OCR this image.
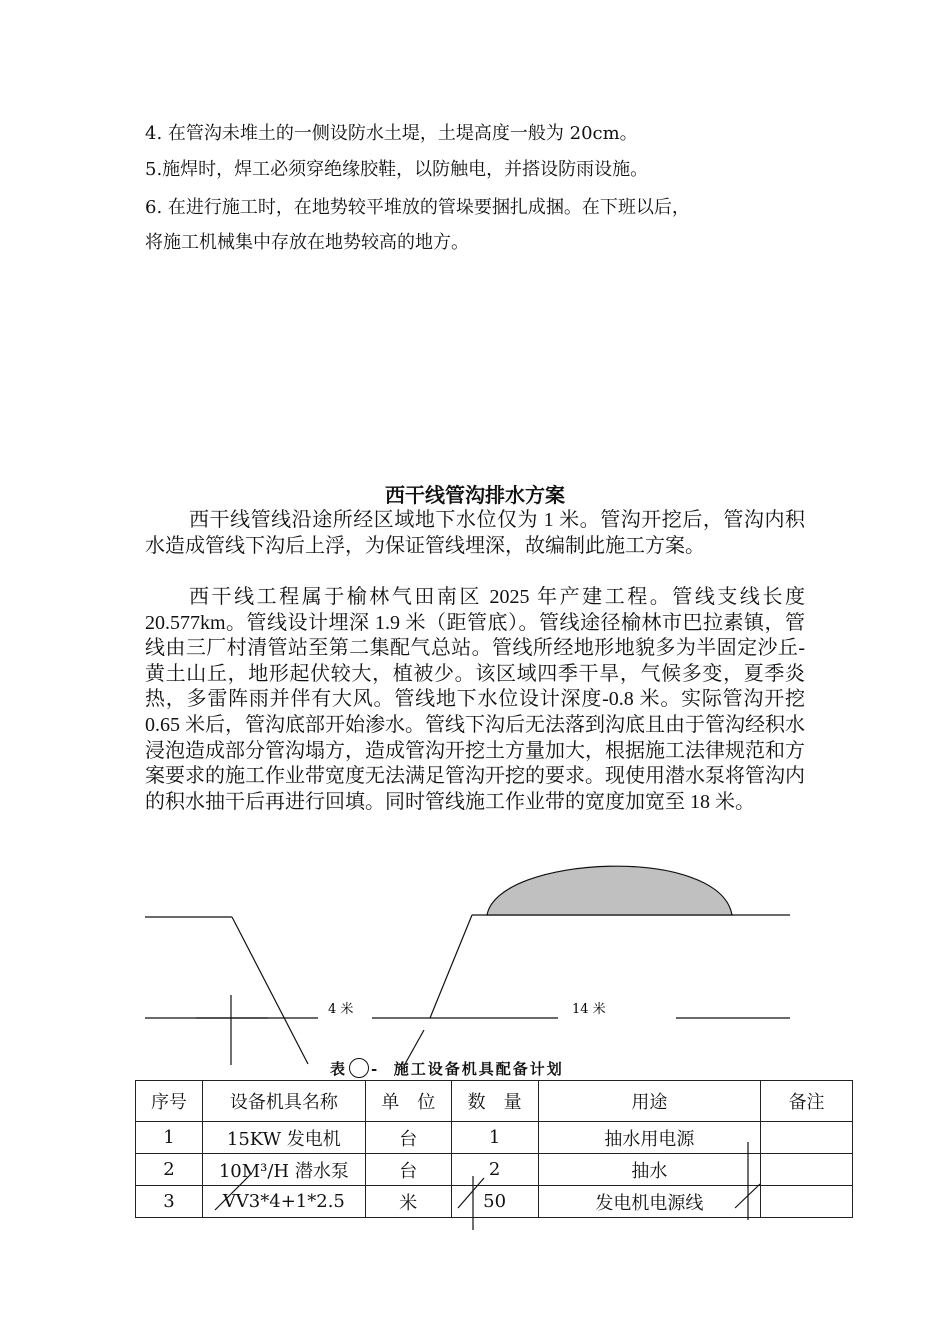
4. 在管沟未堆土的一侧设防水土堤，土堤高度一般为 20cm。
5.施焊时，焊工必须穿绝缘胶鞋，以防触电，并搭设防雨设施。
6. 在进行施工时，在地势较平堆放的管垛要捆扎成捆。在下班以后，
将施工机械集中存放在地势较高的地方。
西干线管沟排水方案
西干线管线沿途所经区域地下水位仅为 1 米。管沟开挖后，管沟内积水造成管线下沟后上浮，为保证管线埋深，故编制此施工方案。
西干线工程属于榆林气田南区 2025 年产建工程。管线支线长度 20.577km。管线设计埋深 1.9 米（距管底）。管线途径榆林市巴拉素镇，管线由三厂村清管站至第二集配气总站。管线所经地形地貌多为半固定沙丘-黄土山丘，地形起伏较大，植被少。该区域四季干旱，气候多变，夏季炎热，多雷阵雨并伴有大风。管线地下水位设计深度-0.8 米。实际管沟开挖 0.65 米后，管沟底部开始渗水。管线下沟后无法落到沟底且由于管沟经积水浸泡造成部分管沟塌方，造成管沟开挖土方量加大，根据施工法律规范和方案要求的施工作业带宽度无法满足管沟开挖的要求。现使用潜水泵将管沟内的积水抽干后再进行回填。同时管线施工作业带的宽度加宽至 18 米。
4 米	14 米
表 -  施工设备机具配备计划
序号	设备机具名称	单　位	数　量	用途	备注
1	15KW 发电机	台	1	抽水用电源	
2	10M³/H 潜水泵	台	2	抽水	
3	VV3*4+1*2.5	米	50	发电机电源线	
